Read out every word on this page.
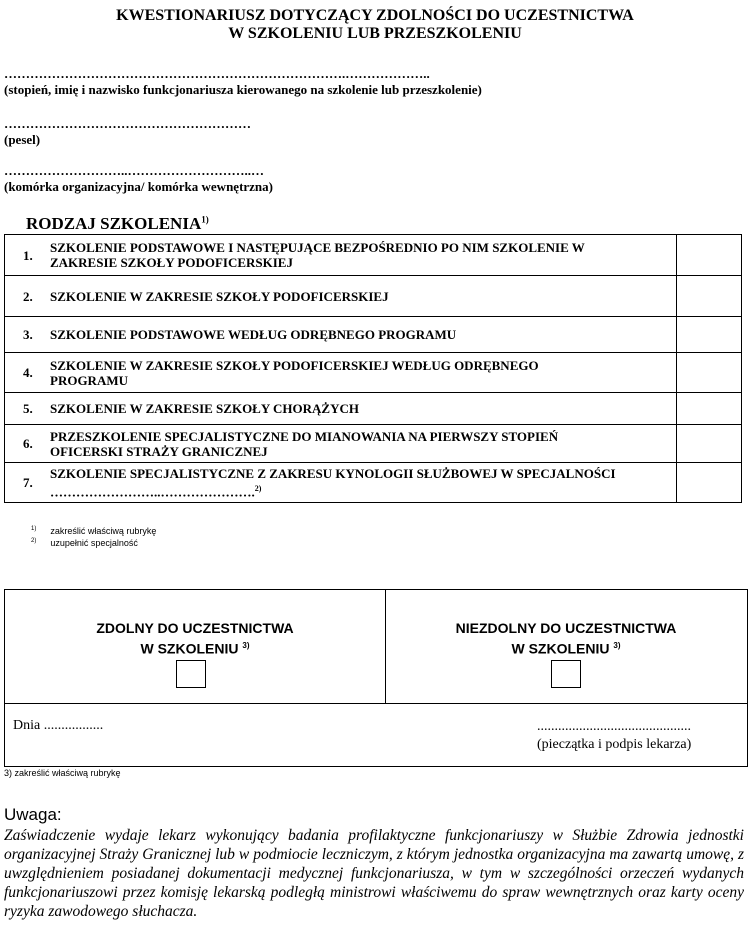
KWESTIONARIUSZ DOTYCZĄCY ZDOLNOŚCI DO UCZESTNICTWA
W SZKOLENIU LUB PRZESZKOLENIU
…………………………………………………………………….………………..
(stopień, imię i nazwisko funkcjonariusza kierowanego na szkolenie lub przeszkolenie)
…………………………………………………
(pesel)
………………………..………………………..…
(komórka organizacyjna/ komórka wewnętrzna)
RODZAJ SZKOLENIA$^{1)}$
1.	SZKOLENIE PODSTAWOWE I NASTĘPUJĄCE BEZPOŚREDNIO PO NIM SZKOLENIE W
ZAKRESIE SZKOŁY PODOFICERSKIEJ	
2.	SZKOLENIE W ZAKRESIE SZKOŁY PODOFICERSKIEJ	
3.	SZKOLENIE PODSTAWOWE WEDŁUG ODRĘBNEGO PROGRAMU	
4.	SZKOLENIE W ZAKRESIE SZKOŁY PODOFICERSKIEJ WEDŁUG ODRĘBNEGO
PROGRAMU	
5.	SZKOLENIE W ZAKRESIE SZKOŁY CHORĄŻYCH	
6.	PRZESZKOLENIE SPECJALISTYCZNE DO MIANOWANIA NA PIERWSZY STOPIEŃ
OFICERSKI STRAŻY GRANICZNEJ	
7.	SZKOLENIE SPECJALISTYCZNE Z ZAKRESU KYNOLOGII SŁUŻBOWEJ W SPECJALNOŚCI
……………………..………………….$^{2)}$	
$^{1)}$ zakreślić właściwą rubrykę
$^{2)}$ uzupełnić specjalność
ZDOLNY DO UCZESTNICTWA
W SZKOLENIU $^{3)}$
NIEZDOLNY DO UCZESTNICTWA
W SZKOLENIU $^{3)}$
Dnia .................	............................................
(pieczątka i podpis lekarza)
3) zakreślić właściwą rubrykę
Uwaga:
Zaświadczenie wydaje lekarz wykonujący badania profilaktyczne funkcjonariuszy w Służbie Zdrowia jednostki organizacyjnej Straży Granicznej lub w podmiocie leczniczym, z którym jednostka organizacyjna ma zawartą umowę, z uwzględnieniem posiadanej dokumentacji medycznej funkcjonariusza, w tym w szczególności orzeczeń wydanych funkcjonariuszowi przez komisję lekarską podległą ministrowi właściwemu do spraw wewnętrznych oraz karty oceny ryzyka zawodowego słuchacza.
